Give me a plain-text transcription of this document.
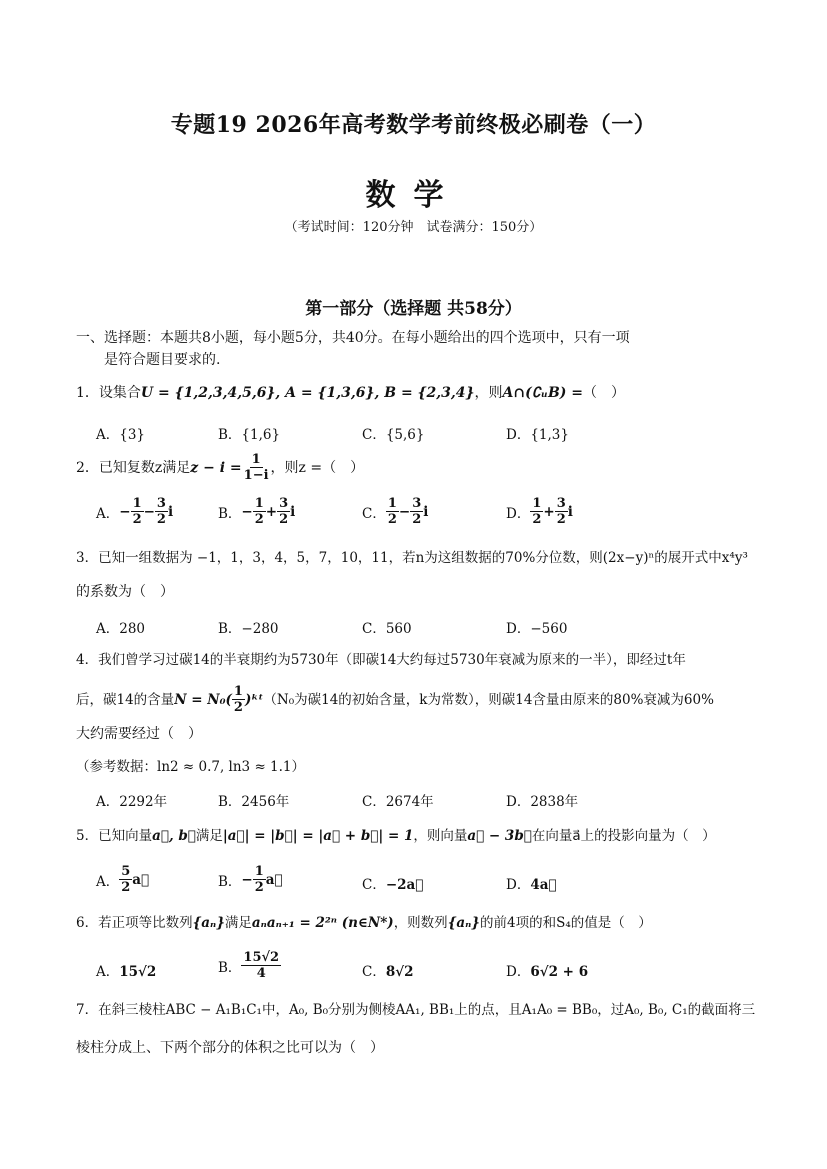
专题19 2026年高考数学考前终极必刷卷（一）
数学
（考试时间：120分钟　试卷满分：150分）
第一部分（选择题 共58分）
一、选择题：本题共8小题，每小题5分，共40分。在每小题给出的四个选项中，只有一项
是符合题目要求的.
1．设集合U = {1,2,3,4,5,6}, A = {1,3,6}, B = {2,3,4}，则A∩(∁ᵤB) =（　）
A．{3}	B．{1,6}	C．{5,6}	D．{1,3}
2．已知复数z满足 $z - i = \frac{1}{1-i}$ ，则z =（　）
A． − $\frac{1}{2} - \frac{3}{2}$ i	B． − $\frac{1}{2} + \frac{3}{2}$ i	C． $\frac{1}{2} - \frac{3}{2}$ i	D． $\frac{1}{2} + \frac{3}{2}$ i
3．已知一组数据为 −1，1，3，4，5，7，10，11，若n为这组数据的70%分位数，则(2x−y)ⁿ的展开式中x⁴y³
的系数为（　）
A．280	B．−280	C．560	D．−560
4．我们曾学习过碳14的半衰期约为5730年（即碳14大约每过5730年衰减为原来的一半），即经过t年
后，碳14的含量 $N = N_0( \frac{1}{2}$ )ᵏᵗ （N₀为碳14的初始含量，k为常数），则碳14含量由原来的80%衰减为60%
大约需要经过（　）
（参考数据：ln2 ≈ 0.7, ln3 ≈ 1.1）
A．2292年	B．2456年	C．2674年	D．2838年
5．已知向量a⃗, b⃗满足|a⃗| = |b⃗| = |a⃗ + b⃗| = 1，则向量a⃗ − 3b⃗在向量a⃗上的投影向量为（　）
A． $\frac{5}{2}$ a⃗	B． − $\frac{1}{2}$ a⃗	C．−2a⃗	D．4a⃗
6．若正项等比数列{aₙ}满足aₙaₙ₊₁ = 2²ⁿ (n∈N*)，则数列{aₙ}的前4项的和S₄的值是（　）
A．15√2	B． $\frac{15√2}{4}$	C．8√2	D．6√2 + 6
7．在斜三棱柱ABC − A₁B₁C₁中，A₀, B₀分别为侧棱AA₁, BB₁上的点，且A₁A₀ = BB₀，过A₀, B₀, C₁的截面将三
棱柱分成上、下两个部分的体积之比可以为（　）
